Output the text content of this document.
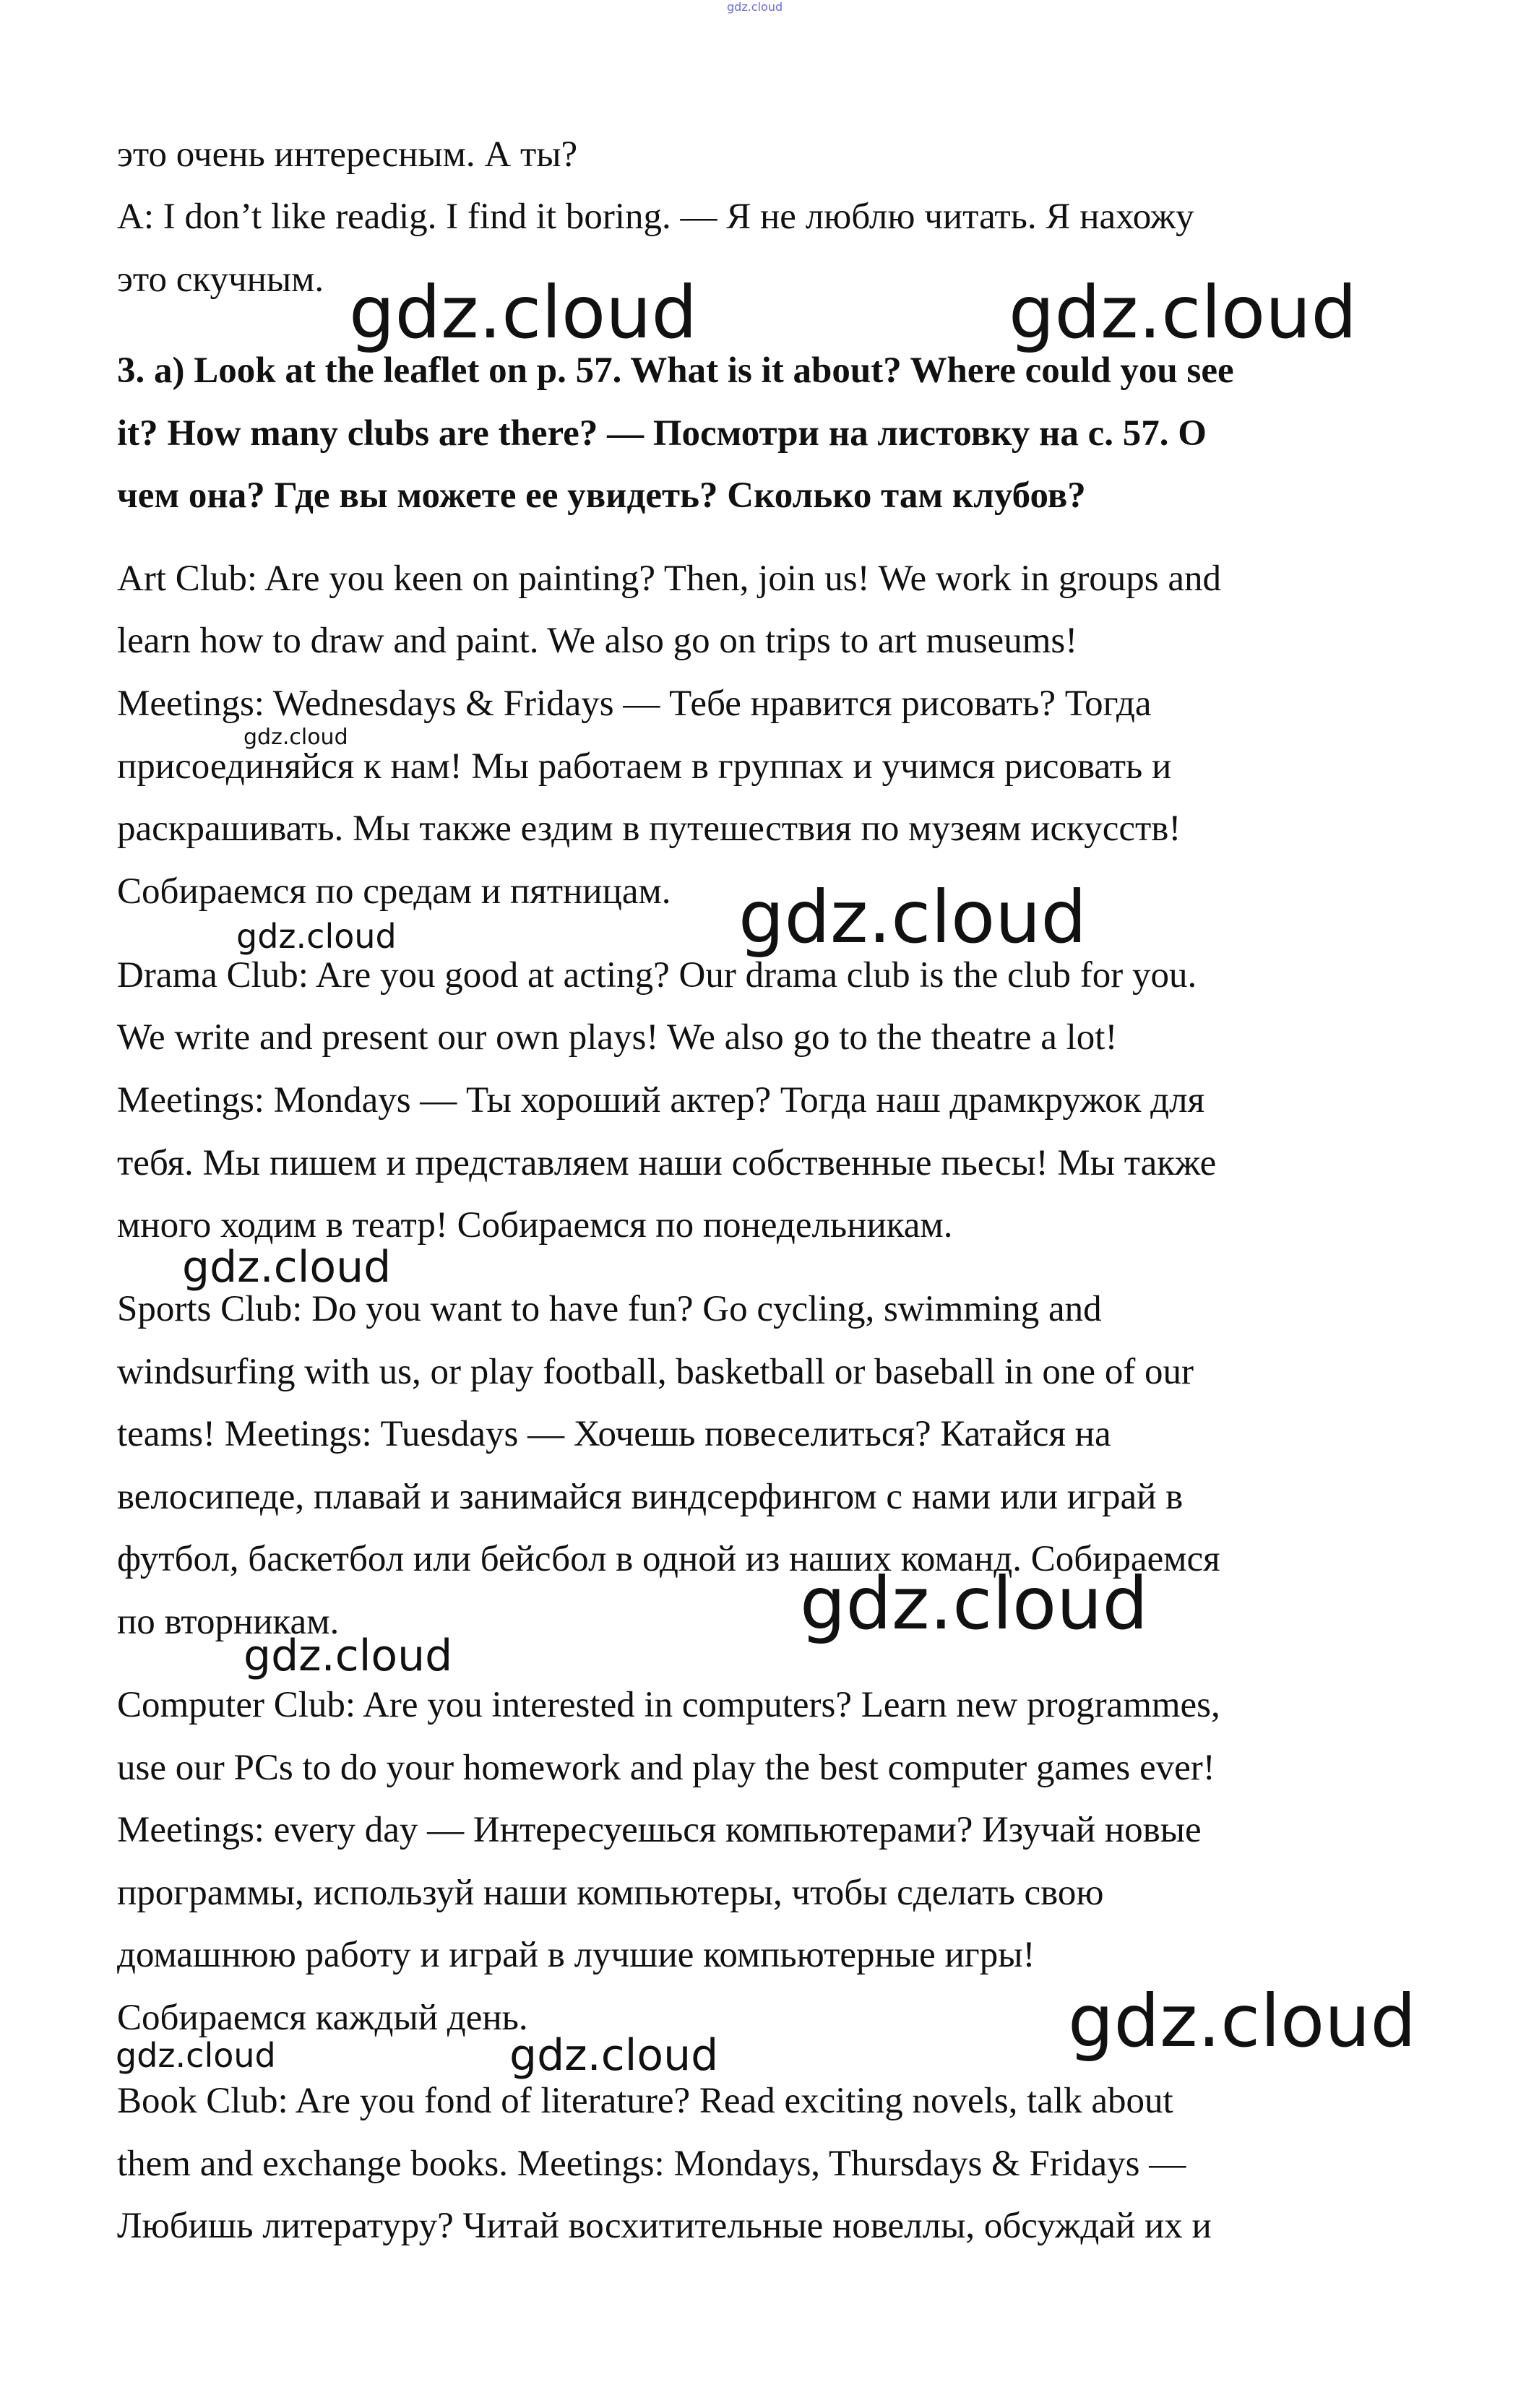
gdz.cloud
это очень интересным. А ты?
A: I don’t like readig. I find it boring. — Я не люблю читать. Я нахожу
это скучным.
3. a) Look at the leaflet on p. 57. What is it about? Where could you see
it? How many clubs are there? — Посмотри на листовку на с. 57. О
чем она? Где вы можете ее увидеть? Сколько там клубов?
Art Club: Are you keen on painting? Then, join us! We work in groups and
learn how to draw and paint. We also go on trips to art museums!
Meetings: Wednesdays & Fridays — Тебе нравится рисовать? Тогда
присоединяйся к нам! Мы работаем в группах и учимся рисовать и
раскрашивать. Мы также ездим в путешествия по музеям искусств!
Собираемся по средам и пятницам.
Drama Club: Are you good at acting? Our drama club is the club for you.
We write and present our own plays! We also go to the theatre a lot!
Meetings: Mondays — Ты хороший актер? Тогда наш драмкружок для
тебя. Мы пишем и представляем наши собственные пьесы! Мы также
много ходим в театр! Собираемся по понедельникам.
Sports Club: Do you want to have fun? Go cycling, swimming and
windsurfing with us, or play football, basketball or baseball in one of our
teams! Meetings: Tuesdays — Хочешь повеселиться? Катайся на
велосипеде, плавай и занимайся виндсерфингом с нами или играй в
футбол, баскетбол или бейсбол в одной из наших команд. Собираемся
по вторникам.
Computer Club: Are you interested in computers? Learn new programmes,
use our PCs to do your homework and play the best computer games ever!
Meetings: every day — Интересуешься компьютерами? Изучай новые
программы, используй наши компьютеры, чтобы сделать свою
домашнюю работу и играй в лучшие компьютерные игры!
Собираемся каждый день.
Book Club: Are you fond of literature? Read exciting novels, talk about
them and exchange books. Meetings: Mondays, Thursdays & Fridays —
Любишь литературу? Читай восхитительные новеллы, обсуждай их и
gdz.cloud	gdz.cloud
gdz.cloud
gdz.cloud
gdz.cloud
gdz.cloud
gdz.cloud
gdz.cloud
gdz.cloud
gdz.cloud	gdz.cloud
